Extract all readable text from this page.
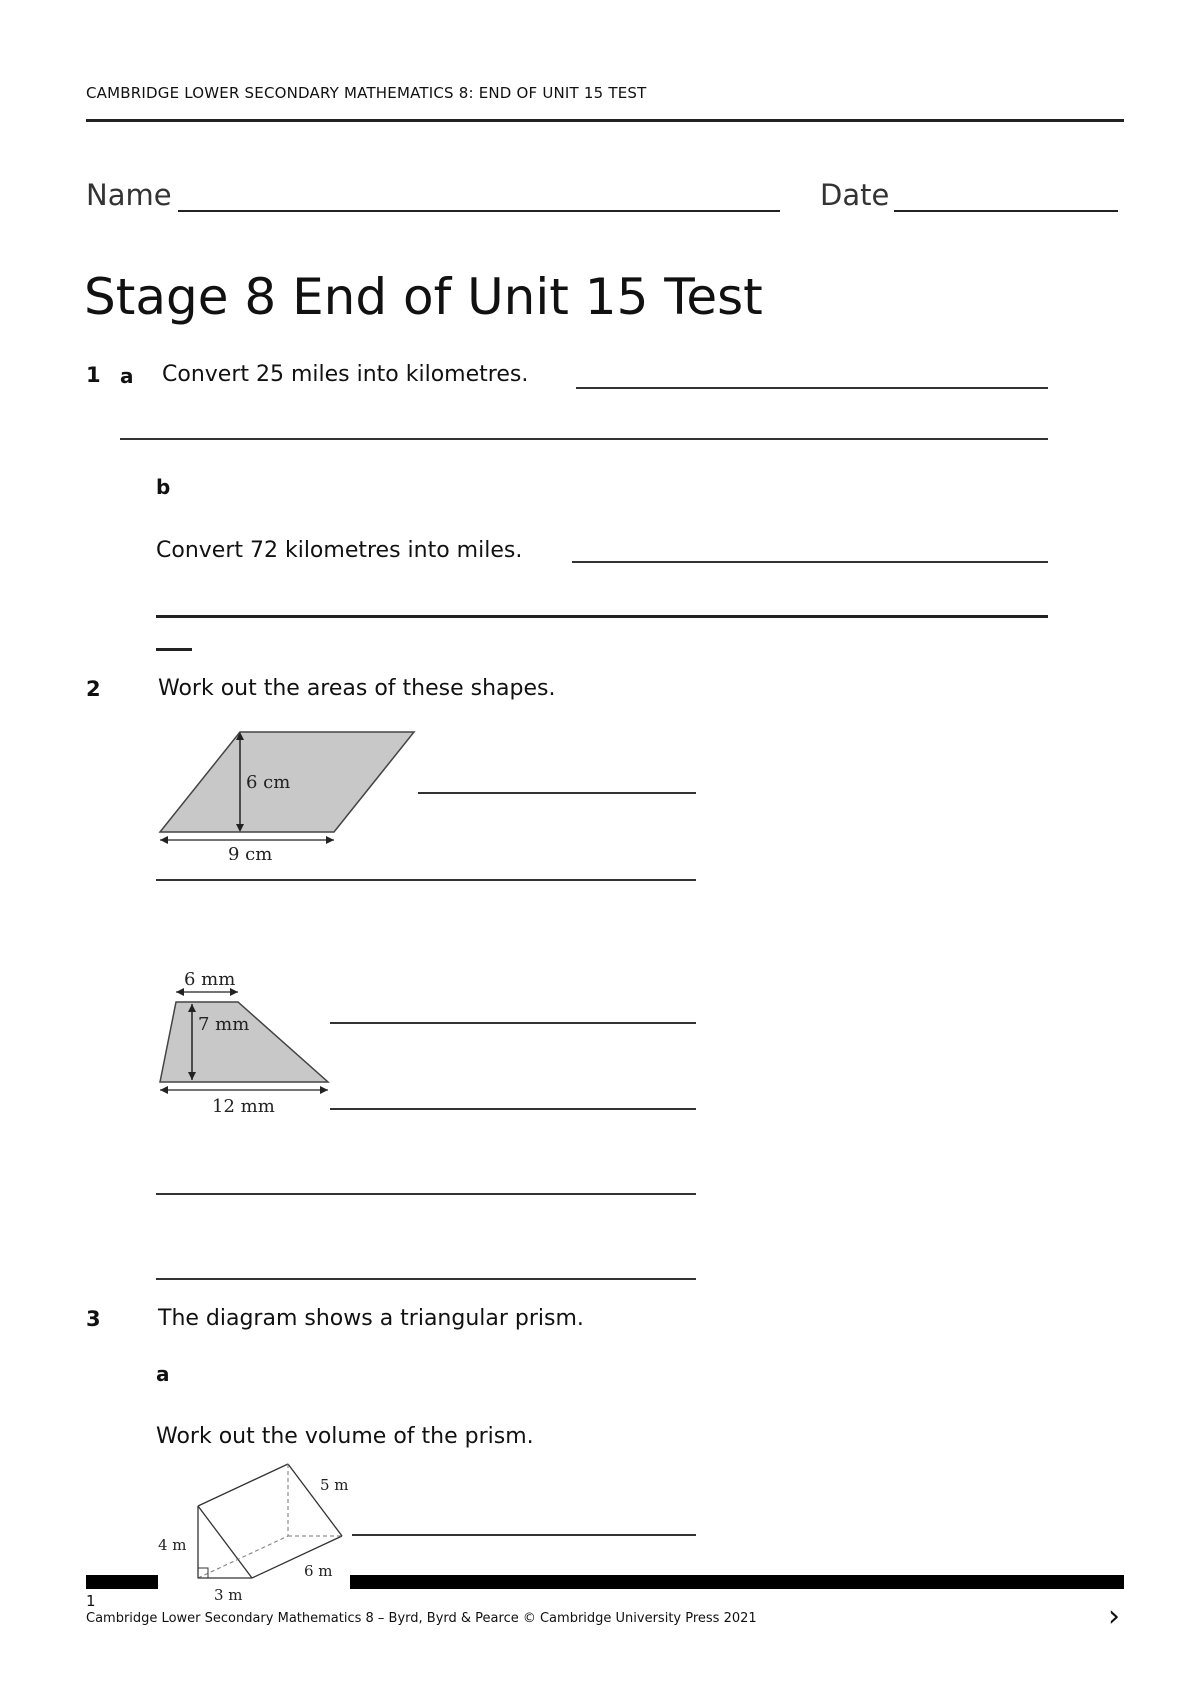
CAMBRIDGE LOWER SECONDARY MATHEMATICS 8: END OF UNIT 15 TEST
Name	Date
Stage 8 End of Unit 15 Test
1 a Convert 25 miles into kilometres.
b
Convert 72 kilometres into miles.
2	Work out the areas of these shapes.
6 cm
9 cm
6 mm
7 mm
12 mm
3	The diagram shows a triangular prism.
a
Work out the volume of the prism.
5 m
4 m
6 m
3 m
1
Cambridge Lower Secondary Mathematics 8 – Byrd, Byrd & Pearce © Cambridge University Press 2021	›
